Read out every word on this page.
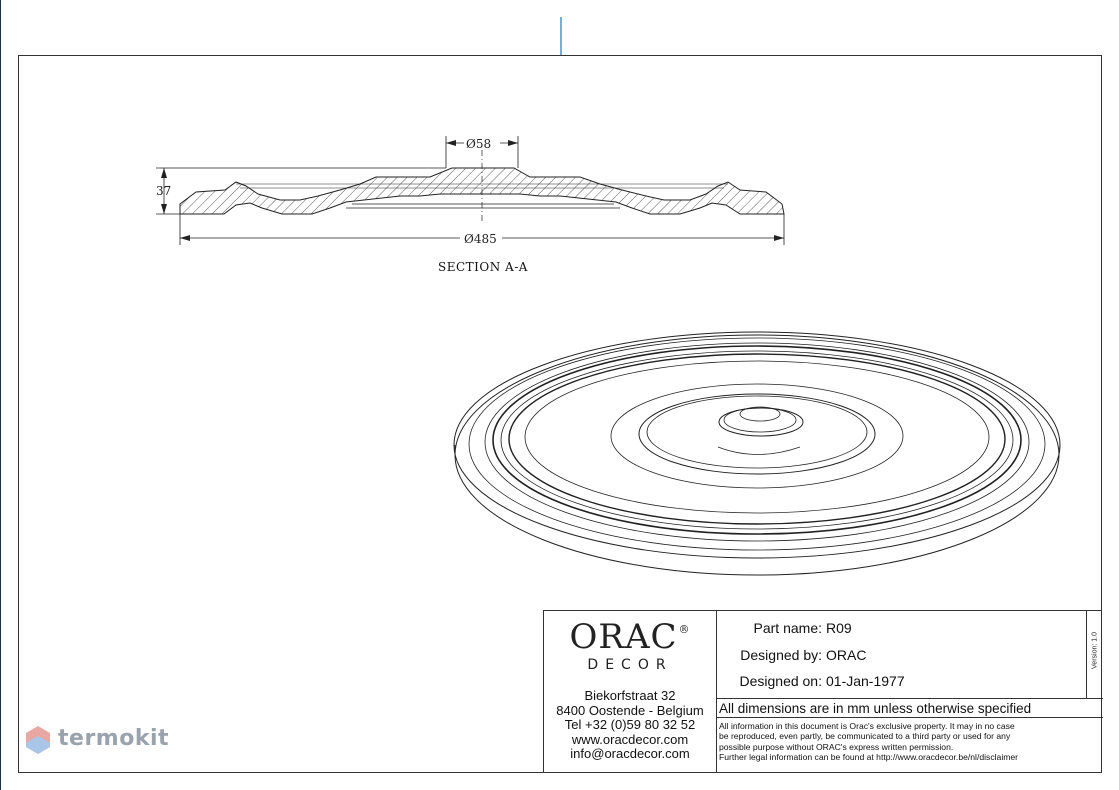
Ø58
37
Ø485
SECTION A-A
ORAC®
DECOR
Biekorfstraat 32
8400 Oostende - Belgium
Tel +32 (0)59 80 32 52
www.oracdecor.com
info@oracdecor.com
Part name: R09
Designed by: ORAC
Designed on: 01-Jan-1977
Version: 1.0
All dimensions are in mm unless otherwise specified
All information in this document is Orac's exclusive property. It may in no case
be reproduced, even partly, be communicated to a third party or used for any
possible purpose without ORAC's express written permission.
Further legal information can be found at http://www.oracdecor.be/nl/disclaimer
termokit
